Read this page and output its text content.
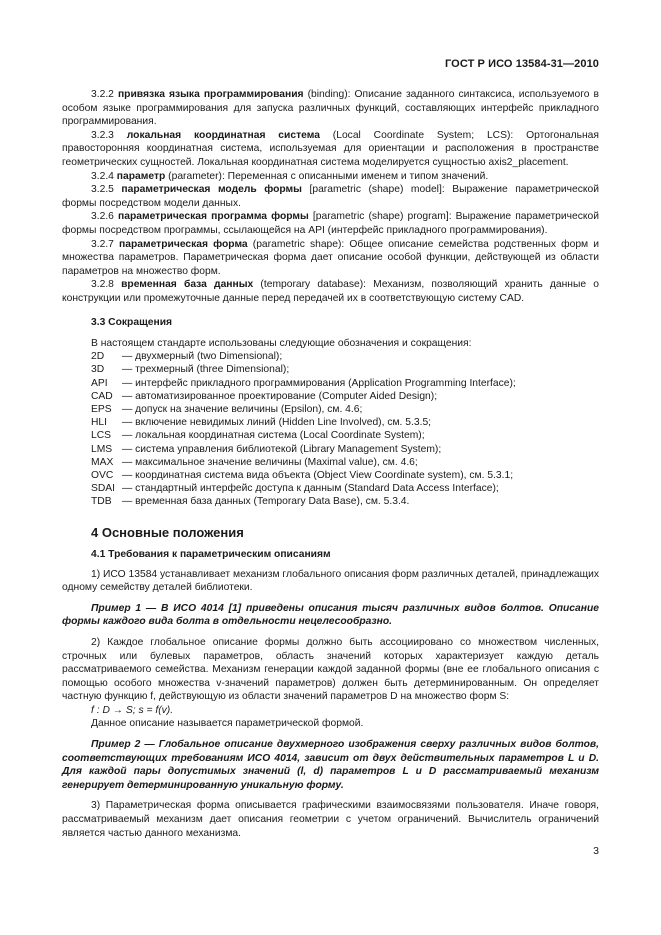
ГОСТ Р ИСО 13584-31—2010

3.2.2 привязка языка программирования (binding): Описание заданного синтаксиса, используемого в особом языке программирования для запуска различных функций, составляющих интерфейс прикладного программирования.

3.2.3 локальная координатная система (Local Coordinate System; LCS): Ортогональная правосторонняя координатная система, используемая для ориентации и расположения в пространстве геометрических сущностей. Локальная координатная система моделируется сущностью axis2_placement.

3.2.4 параметр (parameter): Переменная с описанными именем и типом значений.

3.2.5 параметрическая модель формы [parametric (shape) model]: Выражение параметрической формы посредством модели данных.

3.2.6 параметрическая программа формы [parametric (shape) program]: Выражение параметрической формы посредством программы, ссылающейся на API (интерфейс прикладного программирования).

3.2.7 параметрическая форма (parametric shape): Общее описание семейства родственных форм и множества параметров. Параметрическая форма дает описание особой функции, действующей из области параметров на множество форм.

3.2.8 временная база данных (temporary database): Механизм, позволяющий хранить данные о конструкции или промежуточные данные перед передачей их в соответствующую систему CAD.

3.3 Сокращения

В настоящем стандарте использованы следующие обозначения и сокращения:

2D	— двухмерный (two Dimensional);
3D	— трехмерный (three Dimensional);
API	— интерфейс прикладного программирования (Application Programming Interface);
CAD — автоматизированное проектирование (Computer Aided Design);
EPS	— допуск на значение величины (Epsilon), см. 4.6;
HLI	— включение невидимых линий (Hidden Line Involved), см. 5.3.5;
LCS	— локальная координатная система (Local Coordinate System);
LMS — система управления библиотекой (Library Management System);
MAX — максимальное значение величины (Maximal value), см. 4.6;
OVC — координатная система вида объекта (Object View Coordinate system), см. 5.3.1;
SDAI — стандартный интерфейс доступа к данным (Standard Data Access Interface);
TDB	— временная база данных (Temporary Data Base), см. 5.3.4.
4 Основные положения
4.1 Требования к параметрическим описаниям

1) ИСО 13584 устанавливает механизм глобального описания форм различных деталей, принадлежащих одному семейству деталей библиотеки.

Пример 1 — В ИСО 4014 [1] приведены описания тысяч различных видов болтов. Описание формы каждого вида болта в отдельности нецелесообразно.

2) Каждое глобальное описание формы должно быть ассоциировано со множеством численных, строчных или булевых параметров, область значений которых характеризует каждую деталь рассматриваемого семейства. Механизм генерации каждой заданной формы (вне ее глобального описания с помощью особого множества v-значений параметров) должен быть детерминированным. Он определяет частную функцию f, действующую из области значений параметров D на множество форм S:

f : D → S; s = f(v).

Данное описание называется параметрической формой.

Пример 2 — Глобальное описание двухмерного изображения сверху различных видов болтов, соответствующих требованиям ИСО 4014, зависит от двух действительных параметров L и D. Для каждой пары допустимых значений (l, d) параметров L и D рассматриваемый механизм генерирует детерминированную уникальную форму.

3) Параметрическая форма описывается графическими взаимосвязями пользователя. Иначе говоря, рассматриваемый механизм дает описания геометрии с учетом ограничений. Вычислитель ограничений является частью данного механизма.

3
